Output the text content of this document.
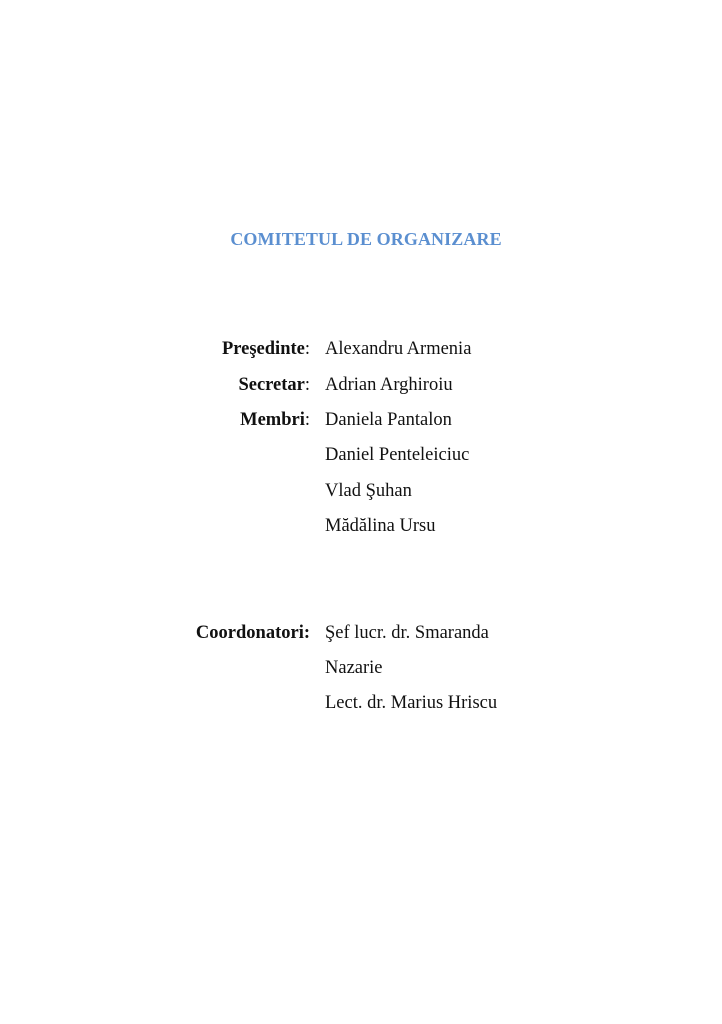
COMITETUL DE ORGANIZARE
Preşedinte: Alexandru Armenia
Secretar: Adrian Arghiroiu
Membri: Daniela Pantalon
Daniel Penteleiciuc
Vlad Şuhan
Mădălina Ursu
Coordonatori: Şef lucr. dr. Smaranda
Nazarie
Lect. dr. Marius Hriscu
